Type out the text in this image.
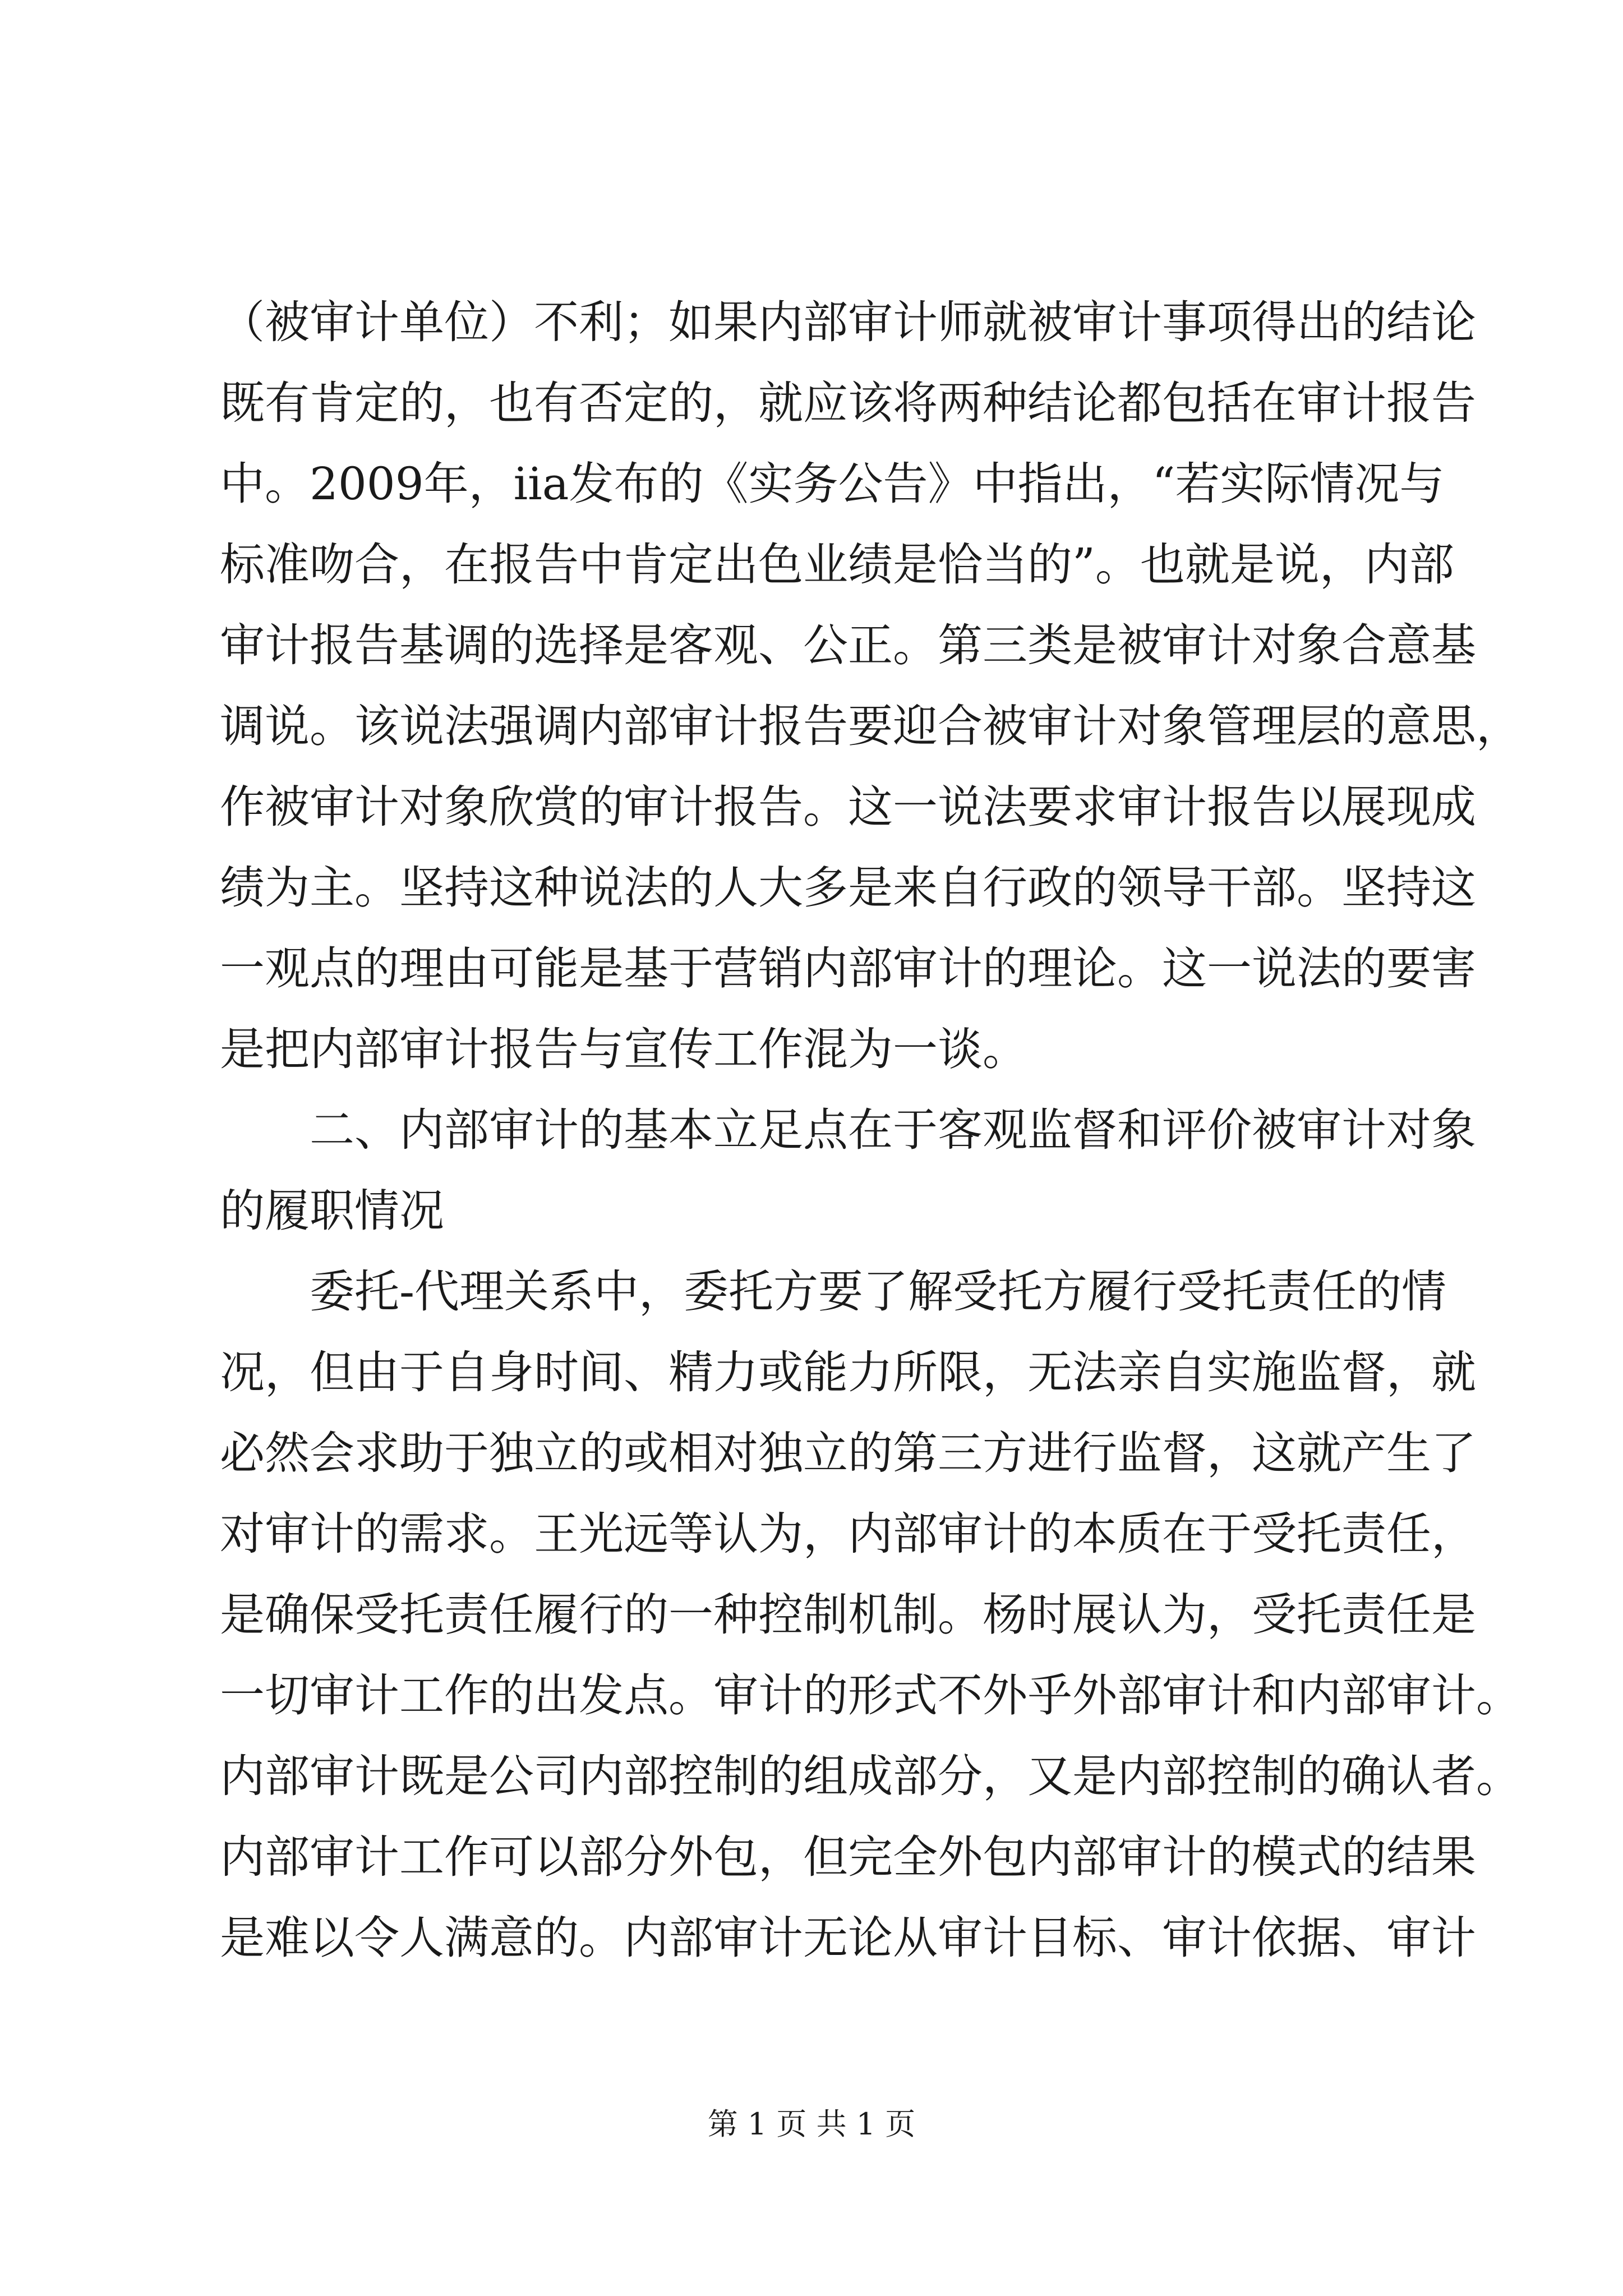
（被审计单位）不利；如果内部审计师就被审计事项得出的结论
既有肯定的，也有否定的，就应该将两种结论都包括在审计报告
中。2009年，iia发布的《实务公告》中指出，“若实际情况与
标准吻合，在报告中肯定出色业绩是恰当的”。也就是说，内部
审计报告基调的选择是客观、公正。第三类是被审计对象合意基
调说。该说法强调内部审计报告要迎合被审计对象管理层的意思，
作被审计对象欣赏的审计报告。这一说法要求审计报告以展现成
绩为主。坚持这种说法的人大多是来自行政的领导干部。坚持这
一观点的理由可能是基于营销内部审计的理论。这一说法的要害
是把内部审计报告与宣传工作混为一谈。
　　二、内部审计的基本立足点在于客观监督和评价被审计对象
的履职情况
　　委托-代理关系中，委托方要了解受托方履行受托责任的情
况，但由于自身时间、精力或能力所限，无法亲自实施监督，就
必然会求助于独立的或相对独立的第三方进行监督，这就产生了
对审计的需求。王光远等认为，内部审计的本质在于受托责任，
是确保受托责任履行的一种控制机制。杨时展认为，受托责任是
一切审计工作的出发点。审计的形式不外乎外部审计和内部审计。
内部审计既是公司内部控制的组成部分，又是内部控制的确认者。
内部审计工作可以部分外包，但完全外包内部审计的模式的结果
是难以令人满意的。内部审计无论从审计目标、审计依据、审计
第 1 页 共 1 页
